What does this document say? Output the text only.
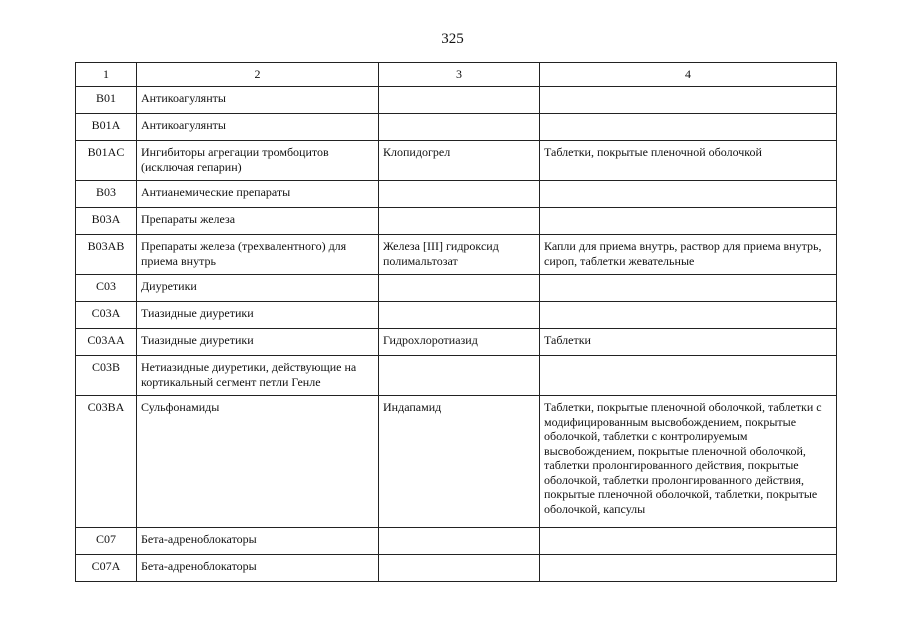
325
1	2	3	4
B01	Антикоагулянты		
B01A	Антикоагулянты		
B01AC	Ингибиторы агрегации тромбоцитов (исключая гепарин)	Клопидогрел	Таблетки, покрытые пленочной оболочкой
B03	Антианемические препараты		
B03A	Препараты железа		
B03AB	Препараты железа (трехвалентного) для приема внутрь	Железа [III] гидроксид полимальтозат	Капли для приема внутрь, раствор для приема внутрь, сироп, таблетки жевательные
C03	Диуретики		
C03A	Тиазидные диуретики		
C03AA	Тиазидные диуретики	Гидрохлоротиазид	Таблетки
C03B	Нетиазидные диуретики, действующие на кортикальный сегмент петли Генле		
C03BA	Сульфонамиды	Индапамид	Таблетки, покрытые пленочной оболочкой, таблетки с модифицированным высвобождением, покрытые оболочкой, таблетки с контролируемым высвобождением, покрытые пленочной оболочкой, таблетки пролонгированного действия, покрытые оболочкой, таблетки пролонгированного действия, покрытые пленочной оболочкой, таблетки, покрытые оболочкой, капсулы
C07	Бета-адреноблокаторы		
C07A	Бета-адреноблокаторы		
